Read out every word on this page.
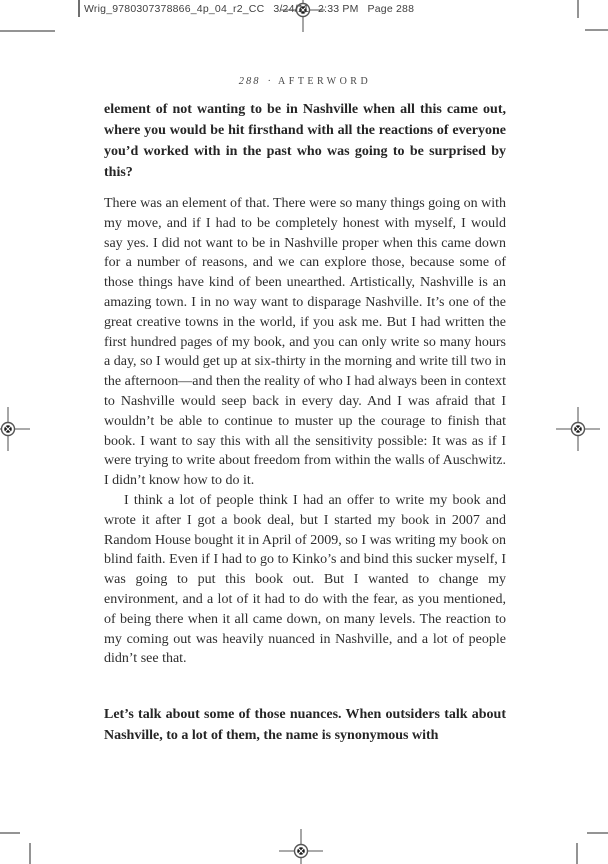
Wrig_9780307378866_4p_04_r2_CC 3/24/11 2:33 PM Page 288
288 · AFTERWORD
element of not wanting to be in Nashville when all this came out, where you would be hit firsthand with all the reactions of everyone you’d worked with in the past who was going to be surprised by this?

There was an element of that. There were so many things going on with my move, and if I had to be completely honest with myself, I would say yes. I did not want to be in Nashville proper when this came down for a number of reasons, and we can explore those, because some of those things have kind of been unearthed. Artistically, Nashville is an amazing town. I in no way want to disparage Nashville. It’s one of the great creative towns in the world, if you ask me. But I had written the first hundred pages of my book, and you can only write so many hours a day, so I would get up at six-thirty in the morning and write till two in the afternoon—and then the reality of who I had always been in context to Nashville would seep back in every day. And I was afraid that I wouldn’t be able to continue to muster up the courage to finish that book. I want to say this with all the sensitivity possible: It was as if I were trying to write about freedom from within the walls of Auschwitz. I didn’t know how to do it.

I think a lot of people think I had an offer to write my book and wrote it after I got a book deal, but I started my book in 2007 and Random House bought it in April of 2009, so I was writing my book on blind faith. Even if I had to go to Kinko’s and bind this sucker myself, I was going to put this book out. But I wanted to change my environment, and a lot of it had to do with the fear, as you mentioned, of being there when it all came down, on many levels. The reaction to my coming out was heavily nuanced in Nashville, and a lot of people didn’t see that.

Let’s talk about some of those nuances. When outsiders talk about Nashville, to a lot of them, the name is synonymous with
